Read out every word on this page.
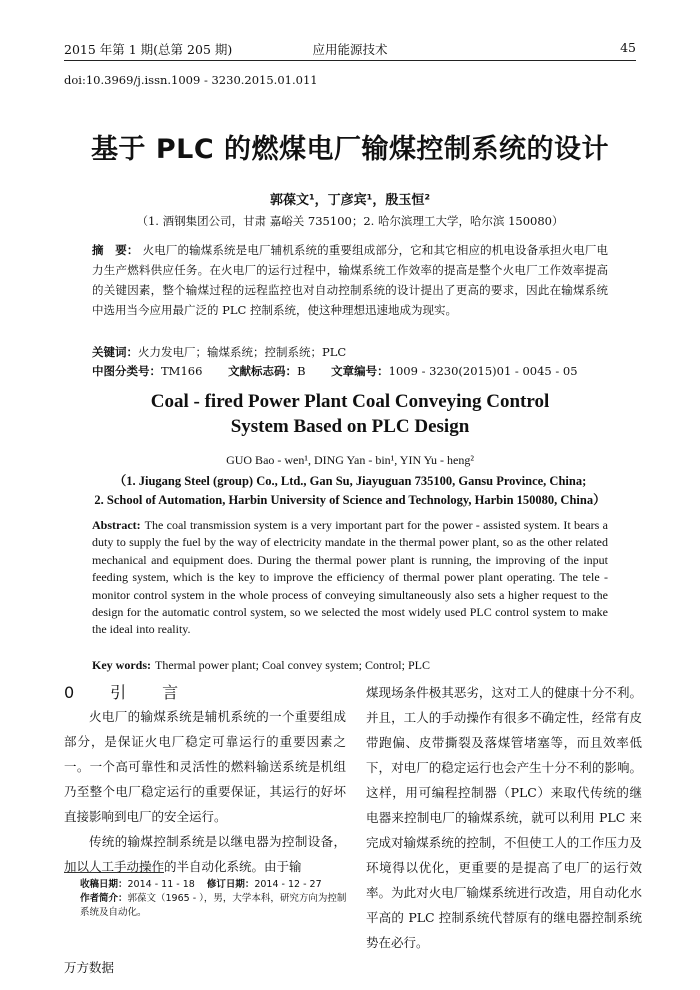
2015 年第 1 期(总第 205 期)	应用能源技术	45
doi:10.3969/j.issn.1009 - 3230.2015.01.011
基于 PLC 的燃煤电厂输煤控制系统的设计
郭葆文¹，丁彦宾¹，殷玉恒²
（1. 酒钢集团公司，甘肃 嘉峪关 735100；2. 哈尔滨理工大学，哈尔滨 150080）
摘　要： 火电厂的输煤系统是电厂辅机系统的重要组成部分，它和其它相应的机电设备承担火电厂电力生产燃料供应任务。在火电厂的运行过程中，输煤系统工作效率的提高是整个火电厂工作效率提高的关键因素，整个输煤过程的远程监控也对自动控制系统的设计提出了更高的要求，因此在输煤系统中选用当今应用最广泛的 PLC 控制系统，使这种理想迅速地成为现实。
关键词：火力发电厂；输煤系统；控制系统；PLC
中图分类号：TM166 文献标志码：B 文章编号：1009 - 3230(2015)01 - 0045 - 05
Coal - fired Power Plant Coal Conveying Control
System Based on PLC Design
GUO Bao - wen¹, DING Yan - bin¹, YIN Yu - heng²
（1. Jiugang Steel (group) Co., Ltd., Gan Su, Jiayuguan 735100, Gansu Province, China;
2. School of Automation, Harbin University of Science and Technology, Harbin 150080, China）
Abstract: The coal transmission system is a very important part for the power - assisted system. It bears a duty to supply the fuel by the way of electricity mandate in the thermal power plant, so as the other related mechanical and equipment does. During the thermal power plant is running, the improving of the input feeding system, which is the key to improve the efficiency of thermal power plant operating. The tele - monitor control system in the whole process of conveying simultaneously also sets a higher request to the design for the automatic control system, so we selected the most widely used PLC control system to make the ideal into reality.
Key words: Thermal power plant; Coal convey system; Control; PLC
0　引　言

火电厂的输煤系统是辅机系统的一个重要组成部分，是保证火电厂稳定可靠运行的重要因素之一。一个高可靠性和灵活性的燃料输送系统是机组乃至整个电厂稳定运行的重要保证，其运行的好坏直接影响到电厂的安全运行。

传统的输煤控制系统是以继电器为控制设备，加以人工手动操作的半自动化系统。由于输

煤现场条件极其恶劣，这对工人的健康十分不利。并且，工人的手动操作有很多不确定性，经常有皮带跑偏、皮带撕裂及落煤管堵塞等，而且效率低下，对电厂的稳定运行也会产生十分不利的影响。这样，用可编程控制器（PLC）来取代传统的继电器来控制电厂的输煤系统，就可以利用 PLC 来完成对输煤系统的控制，不但使工人的工作压力及环境得以优化，更重要的是提高了电厂的运行效率。为此对火电厂输煤系统进行改造，用自动化水平高的 PLC 控制系统代替原有的继电器控制系统势在必行。

收稿日期：2014 - 11 - 18 修订日期：2014 - 12 - 27
作者简介：郭葆文（1965 - ），男，大学本科，研究方向为控制系统及自动化。
万方数据
